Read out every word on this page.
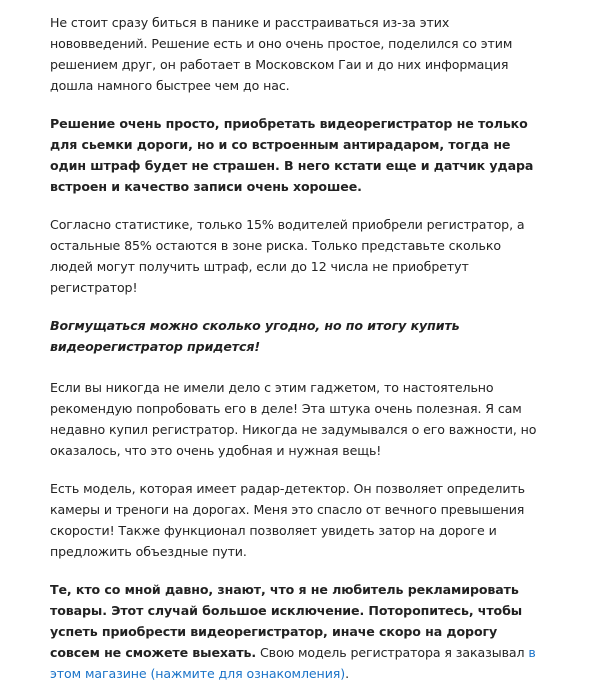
Не стоит сразу биться в панике и расстраиваться из-за этих нововведений. Решение есть и оно очень простое, поделился со этим решением друг, он работает в Московском Гаи и до них информация дошла намного быстрее чем до нас.

Решение очень просто, приобретать видеорегистратор не только для сьемки дороги, но и со встроенным антирадаром, тогда не один штраф будет не страшен. В него кстати еще и датчик удара встроен и качество записи очень хорошее.

Согласно статистике, только 15% водителей приобрели регистратор, а остальные 85% остаются в зоне риска. Только представьте сколько людей могут получить штраф, если до 12 числа не приобретут регистратор!

Вогмущаться можно сколько угодно, но по итогу купить видеорегистратор придется!

Если вы никогда не имели дело с этим гаджетом, то настоятельно рекомендую попробовать его в деле! Эта штука очень полезная. Я сам недавно купил регистратор. Никогда не задумывался о его важности, но оказалось, что это очень удобная и нужная вещь!

Есть модель, которая имеет радар-детектор. Он позволяет определить камеры и треноги на дорогах. Меня это спасло от вечного превышения скорости! Также функционал позволяет увидеть затор на дороге и предложить объездные пути.

Те, кто со мной давно, знают, что я не любитель рекламировать товары. Этот случай большое исключение. Поторопитесь, чтобы успеть приобрести видеорегистратор, иначе скоро на дорогу совсем не сможете выехать. Свою модель регистратора я заказывал в этом магазине (нажмите для ознакомления).
